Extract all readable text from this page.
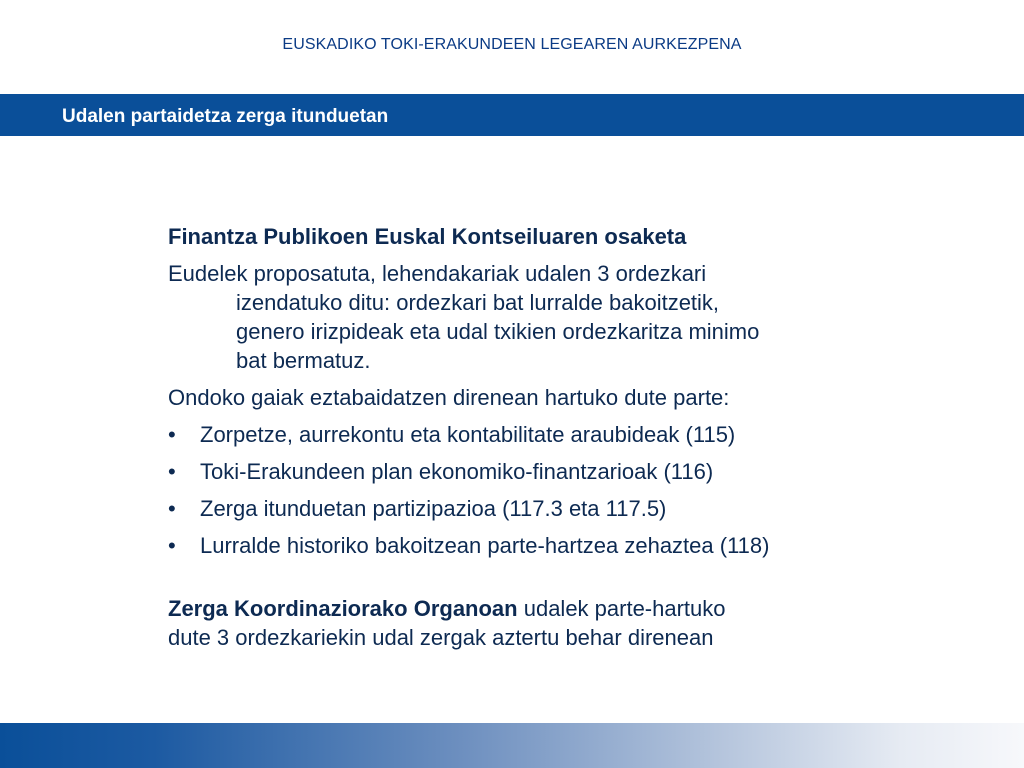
EUSKADIKO TOKI-ERAKUNDEEN LEGEAREN AURKEZPENA
Udalen partaidetza zerga itunduetan
Finantza Publikoen Euskal Kontseiluaren osaketa
Eudelek proposatuta, lehendakariak udalen 3 ordezkari
izendatuko ditu: ordezkari bat lurralde bakoitzetik,
genero irizpideak eta udal txikien ordezkaritza minimo
bat bermatuz.
Ondoko gaiak eztabaidatzen direnean hartuko dute parte:
•	Zorpetze, aurrekontu eta kontabilitate araubideak (115)
•	Toki-Erakundeen plan ekonomiko-finantzarioak (116)
•	Zerga itunduetan partizipazioa (117.3 eta 117.5)
•	Lurralde historiko bakoitzean parte-hartzea zehaztea (118)
Zerga Koordinaziorako Organoan udalek parte-hartuko
dute 3 ordezkariekin udal zergak aztertu behar direnean
